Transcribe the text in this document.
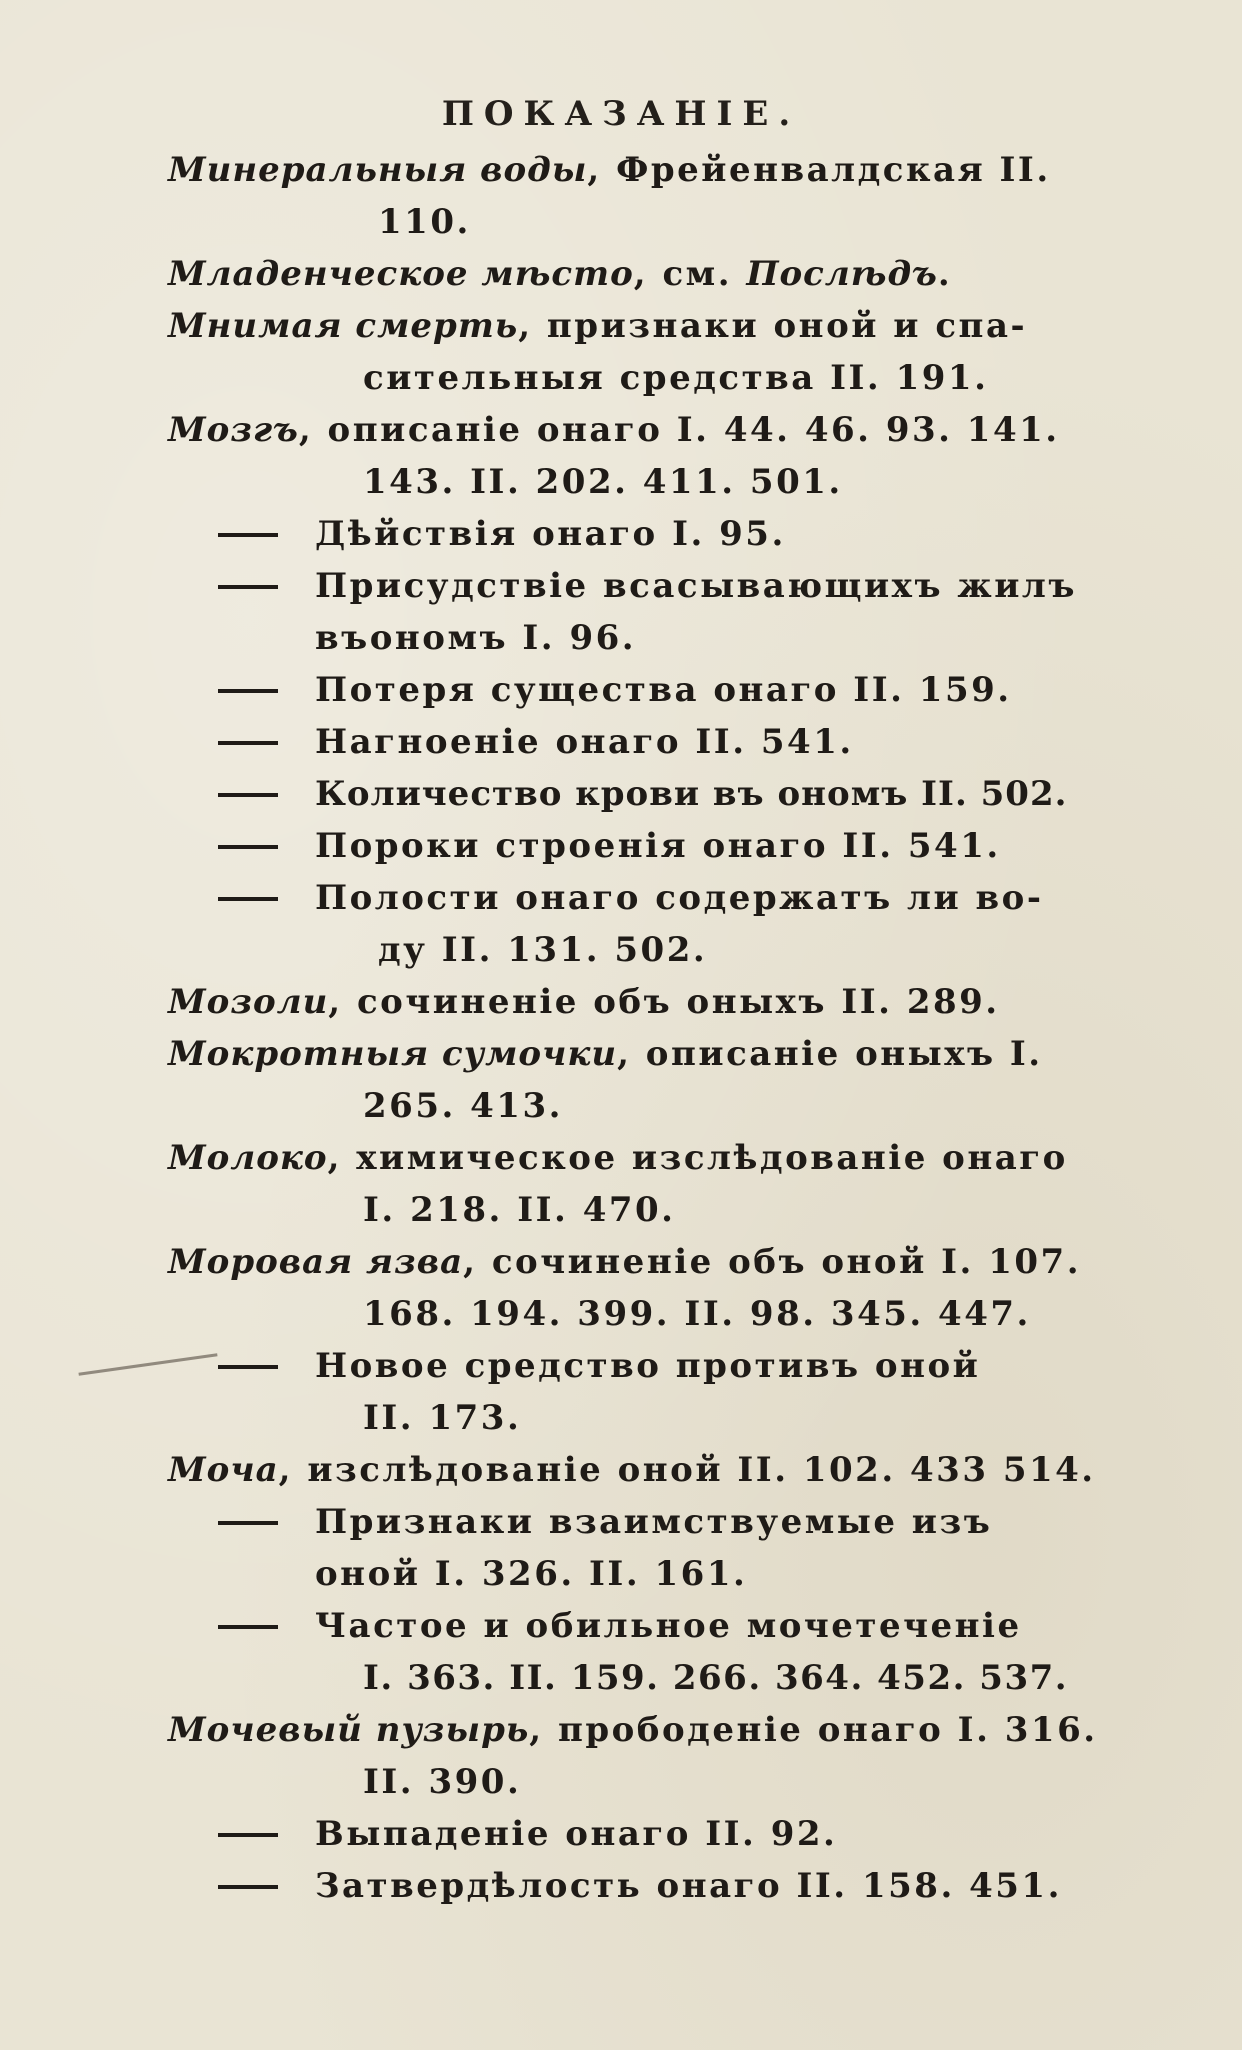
ПОКАЗАНІЕ.
Минеральныя воды, Фрейенвалдская II.
110.
Младенческое мѣсто, см. Послѣдъ.
Мнимая смерть, признаки оной и спа-
сительныя средства II. 191.
Мозгъ, описаніе онаго I. 44. 46. 93. 141.
143. II. 202. 411. 501.
Дѣйствія онаго I. 95.
Присудствіе всасывающихъ жилъ
въономъ I. 96.
Потеря существа онаго II. 159.
Нагноеніе онаго II. 541.
Количество крови въ ономъ II. 502.
Пороки строенія онаго II. 541.
Полости онаго содержатъ ли во-
ду II. 131. 502.
Мозоли, сочиненіе объ оныхъ II. 289.
Мокротныя сумочки, описаніе оныхъ I.
265. 413.
Молоко, химическое изслѣдованіе онаго
I. 218. II. 470.
Моровая язва, сочиненіе объ оной I. 107.
168. 194. 399. II. 98. 345. 447.
Новое средство противъ оной
II. 173.
Моча, изслѣдованіе оной II. 102. 433 514.
Признаки взаимствуемые изъ
оной I. 326. II. 161.
Частое и обильное мочетеченіе
I. 363. II. 159. 266. 364. 452. 537.
Мочевый пузырь, прободеніе онаго I. 316.
II. 390.
Выпаденіе онаго II. 92.
Затвердѣлость онаго II. 158. 451.
